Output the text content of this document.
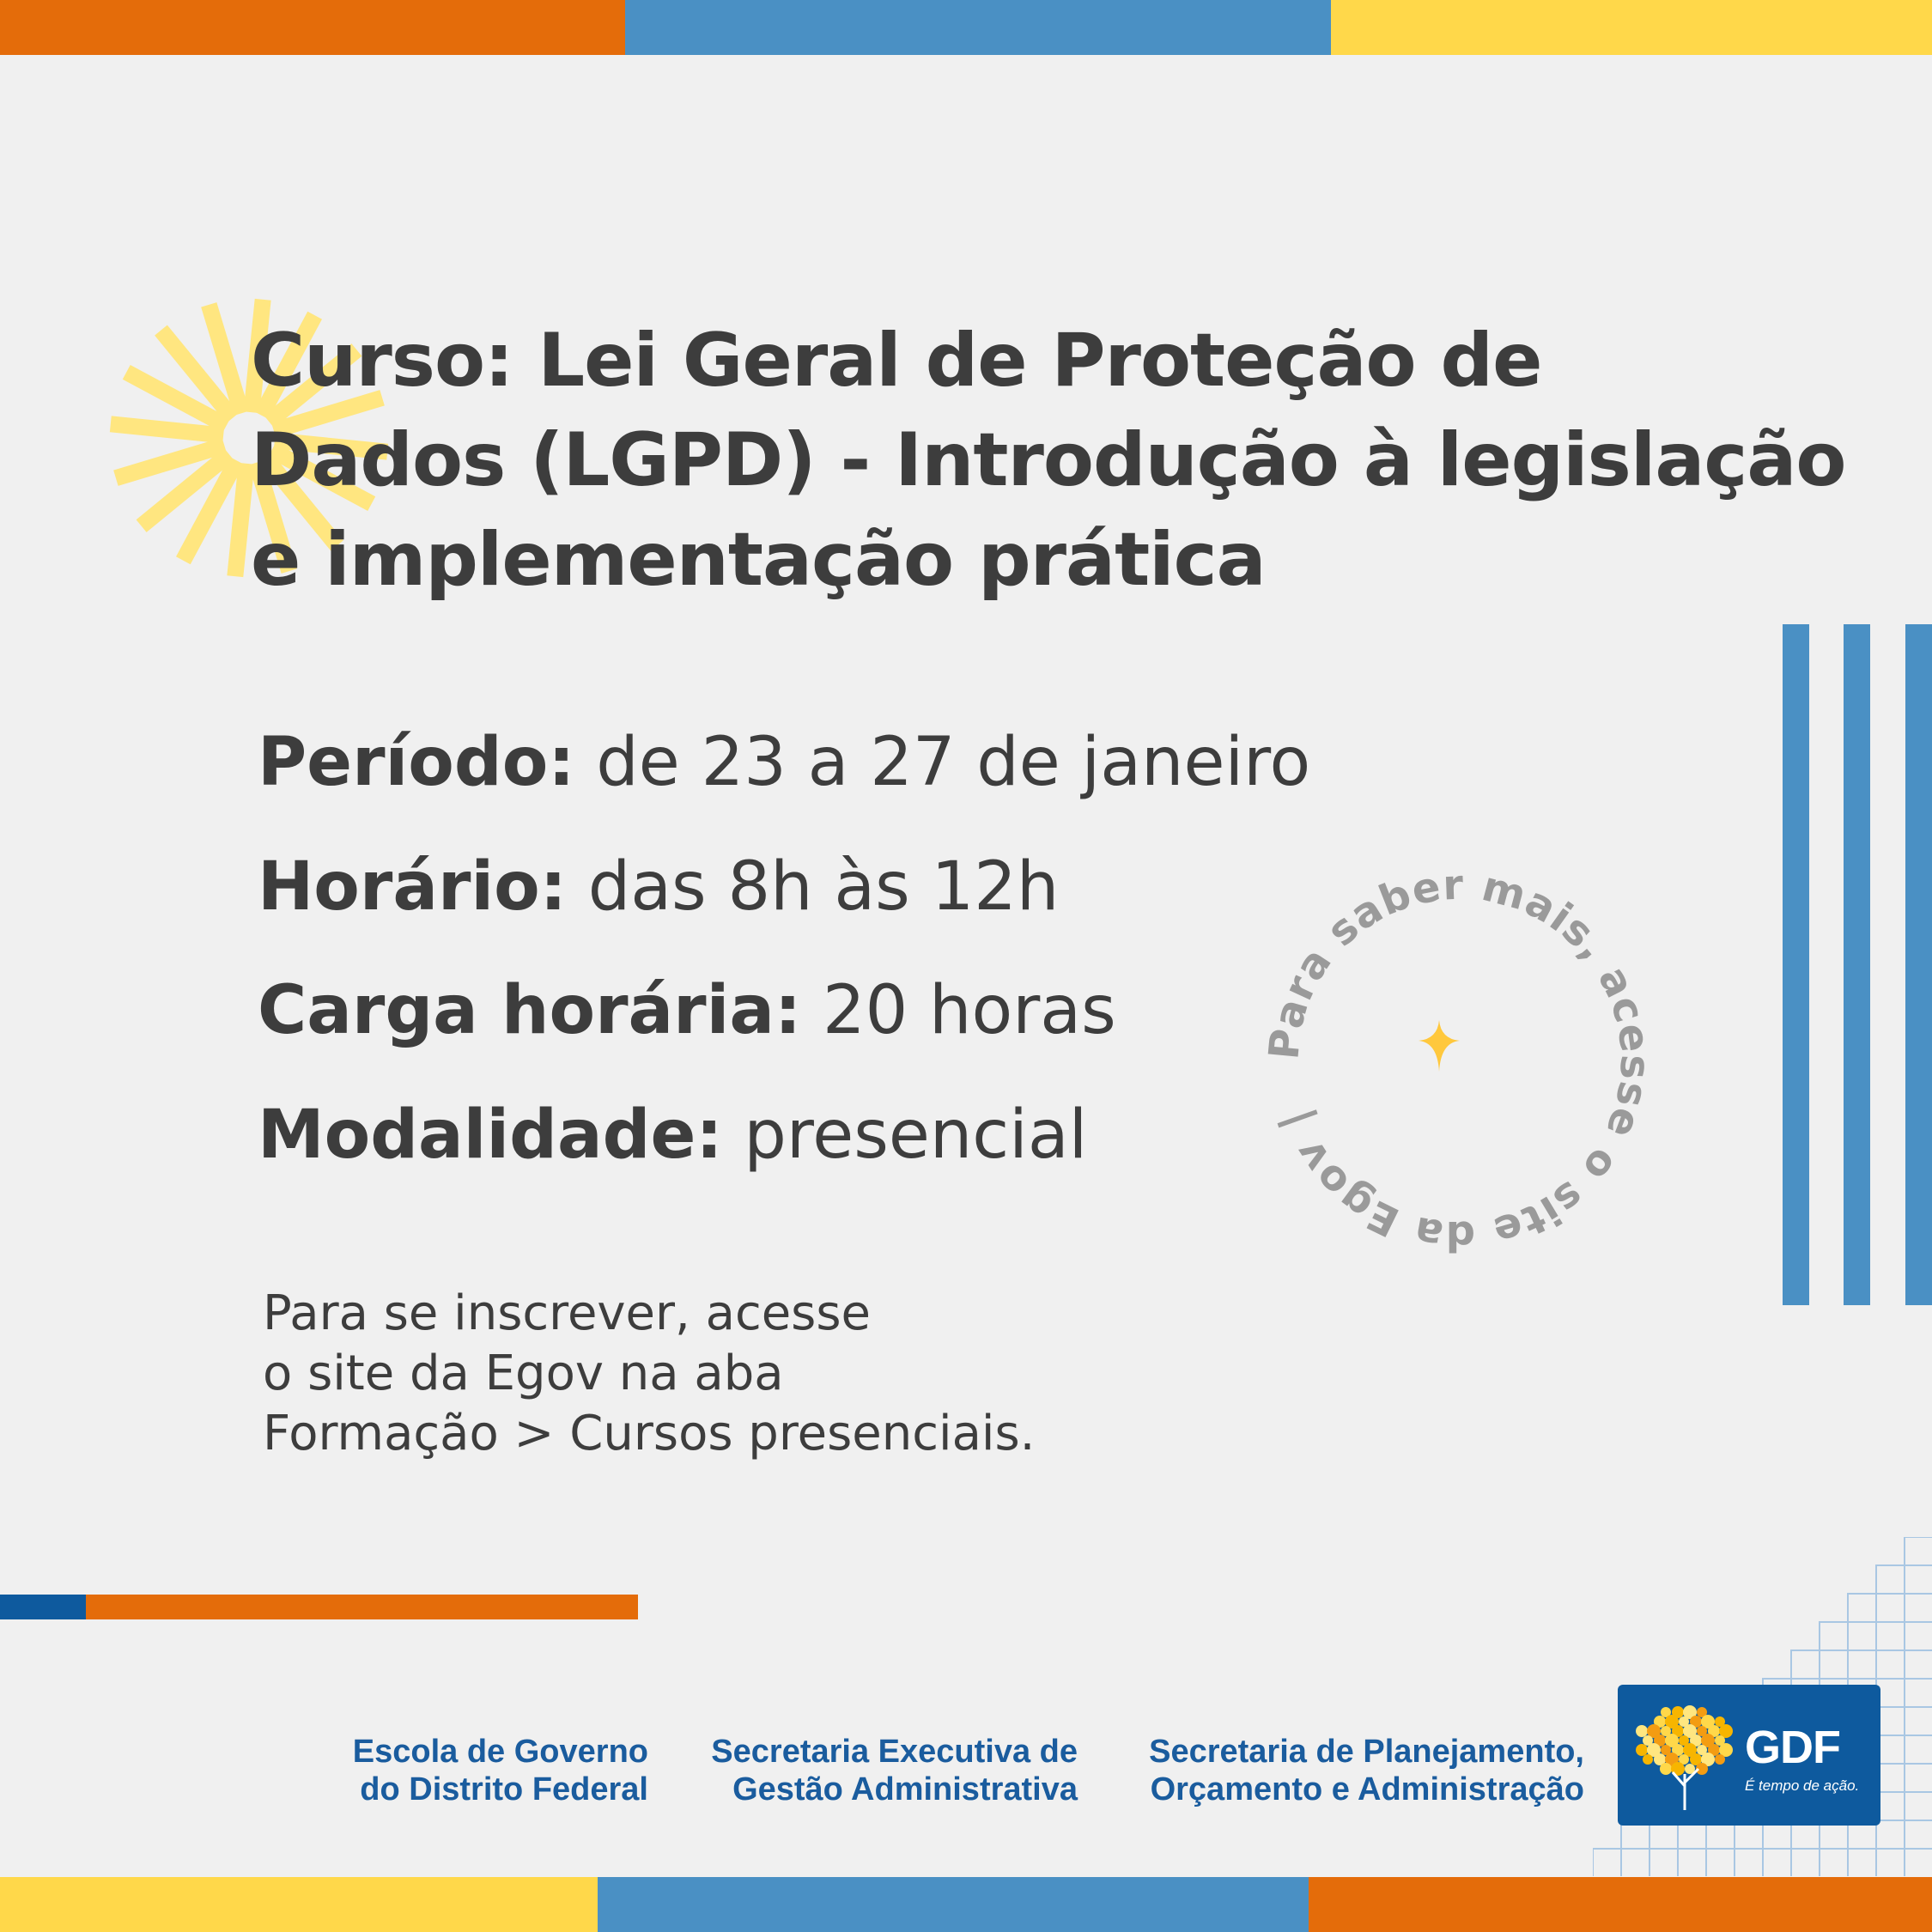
Curso: Lei Geral de Proteção de
Dados (LGPD) - Introdução à legislação
e implementação prática
Período: de 23 a 27 de janeiro
Horário: das 8h às 12h
Carga horária: 20 horas
Modalidade: presencial
Para se inscrever, acesse
o site da Egov na aba
Formação > Cursos presenciais.
Para saber mais, acesse o site da Egov |
Escola de Governo
do Distrito Federal
Secretaria Executiva de
Gestão Administrativa
Secretaria de Planejamento,
Orçamento e Administração
GDF
É tempo de ação.
